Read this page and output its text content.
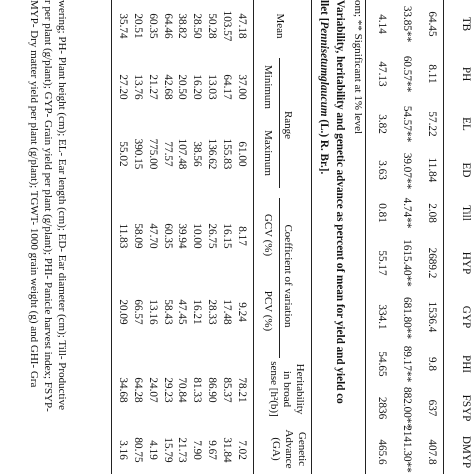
TB
PH
EL
ED
Till
HYP
GYP
PHI
FSYP
DMYP
64.45
8.11
57.22
11.84
2.08
2689.2
1536.4
9.8
637
407.8
33.85**
60.57**
54.57**
39.07**
4.74**
1615.40**
681.80**
89.17**
882.00**
2141.30**
4.14
47.13
3.82
3.63
0.81
55.17
334.1
54.65
2836
465.6
om; ** Significant at 1% level
Variability, heritability and genetic advance as percent of mean for yield and yield co
llet [Pennisetumglaucum (L.) R. Br.].
Mean
Range
Minimum
Maximum
Coefficient of variation
GCV (%)
PCV (%)
Heritability
in broad
sense [h²(b)]
Genetic
Advance
(GA)
47.18
103.57
50.28
28.50
38.82
64.46
60.35
20.51
35.74
37.00
64.17
13.03
16.20
20.50
42.68
21.27
13.76
27.20
61.00
155.83
136.62
38.56
107.48
77.57
775.00
390.15
55.02
8.17
16.15
26.75
10.00
39.94
60.35
47.70
58.09
11.83
9.24
17.48
28.33
16.21
47.45
58.43
13.16
66.57
20.09
78.21
85.37
86.90
81.33
70.84
29.23
24.07
64.28
34.68
7.02
31.84
9.67
7.90
21.73
15.79
4.19
80.75
3.16
wering; PH- Plant height (cm); EL- Ear length (cm); ED- Ear diameter (cm); Till- Productive
r per plant (g/plant); GYP- Grain yield per plant (g/plant); PHI- Panicle harvest index; FSYP-
MYP- Dry matter yield per plant (g/plant); TGWT- 1000 grain weight (g) and GHI- Gra
